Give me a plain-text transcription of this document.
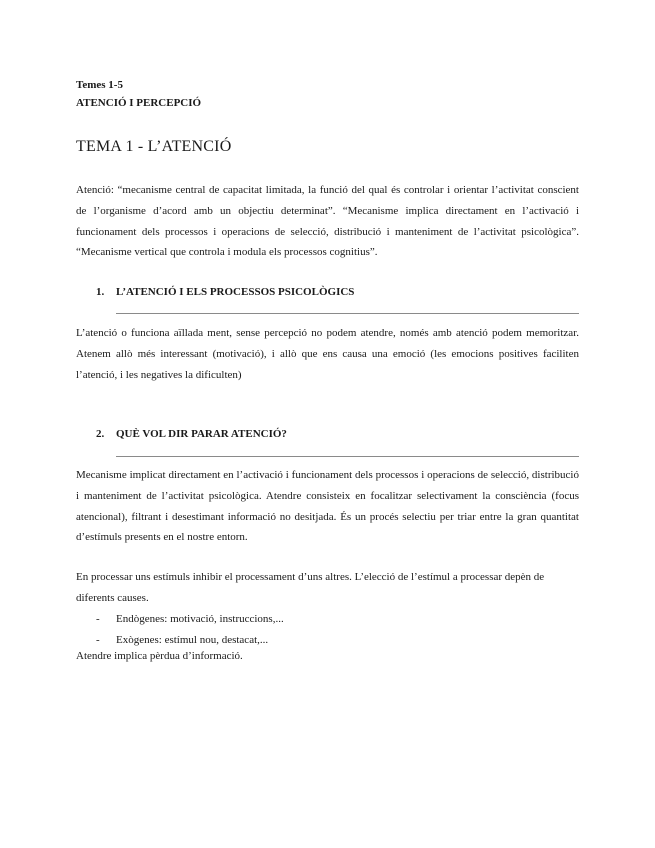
Temes 1-5
ATENCIÓ I PERCEPCIÓ
TEMA 1 - L’ATENCIÓ

Atenció: “mecanisme central de capacitat limitada, la funció del qual és controlar i orientar l’activitat conscient de l’organisme d’acord amb un objectiu determinat”. “Mecanisme implica directament en l’activació i funcionament dels processos i operacions de selecció, distribució i manteniment de l’activitat psicològica”. “Mecanisme vertical que controla i modula els processos cognitius”.

1. L’ATENCIÓ I ELS PROCESSOS PSICOLÒGICS

L’atenció o funciona aïllada ment, sense percepció no podem atendre, només amb atenció podem memoritzar. Atenem allò més interessant (motivació), i allò que ens causa una emoció (les emocions positives faciliten l’atenció, i les negatives la dificulten)

2. QUÈ VOL DIR PARAR ATENCIÓ?

Mecanisme implicat directament en l’activació i funcionament dels processos i operacions de selecció, distribució i manteniment de l’activitat psicològica. Atendre consisteix en focalitzar selectivament la consciència (focus atencional), filtrant i desestimant informació no desitjada. És un procés selectiu per triar entre la gran quantitat d’estímuls presents en el nostre entorn.

En processar uns estímuls inhibir el processament d’uns altres. L’elecció de l’estímul a processar depèn de diferents causes.

-	Endògenes: motivació, instruccions,...
-	Exògenes: estímul nou, destacat,...

Atendre implica pèrdua d’informació.
